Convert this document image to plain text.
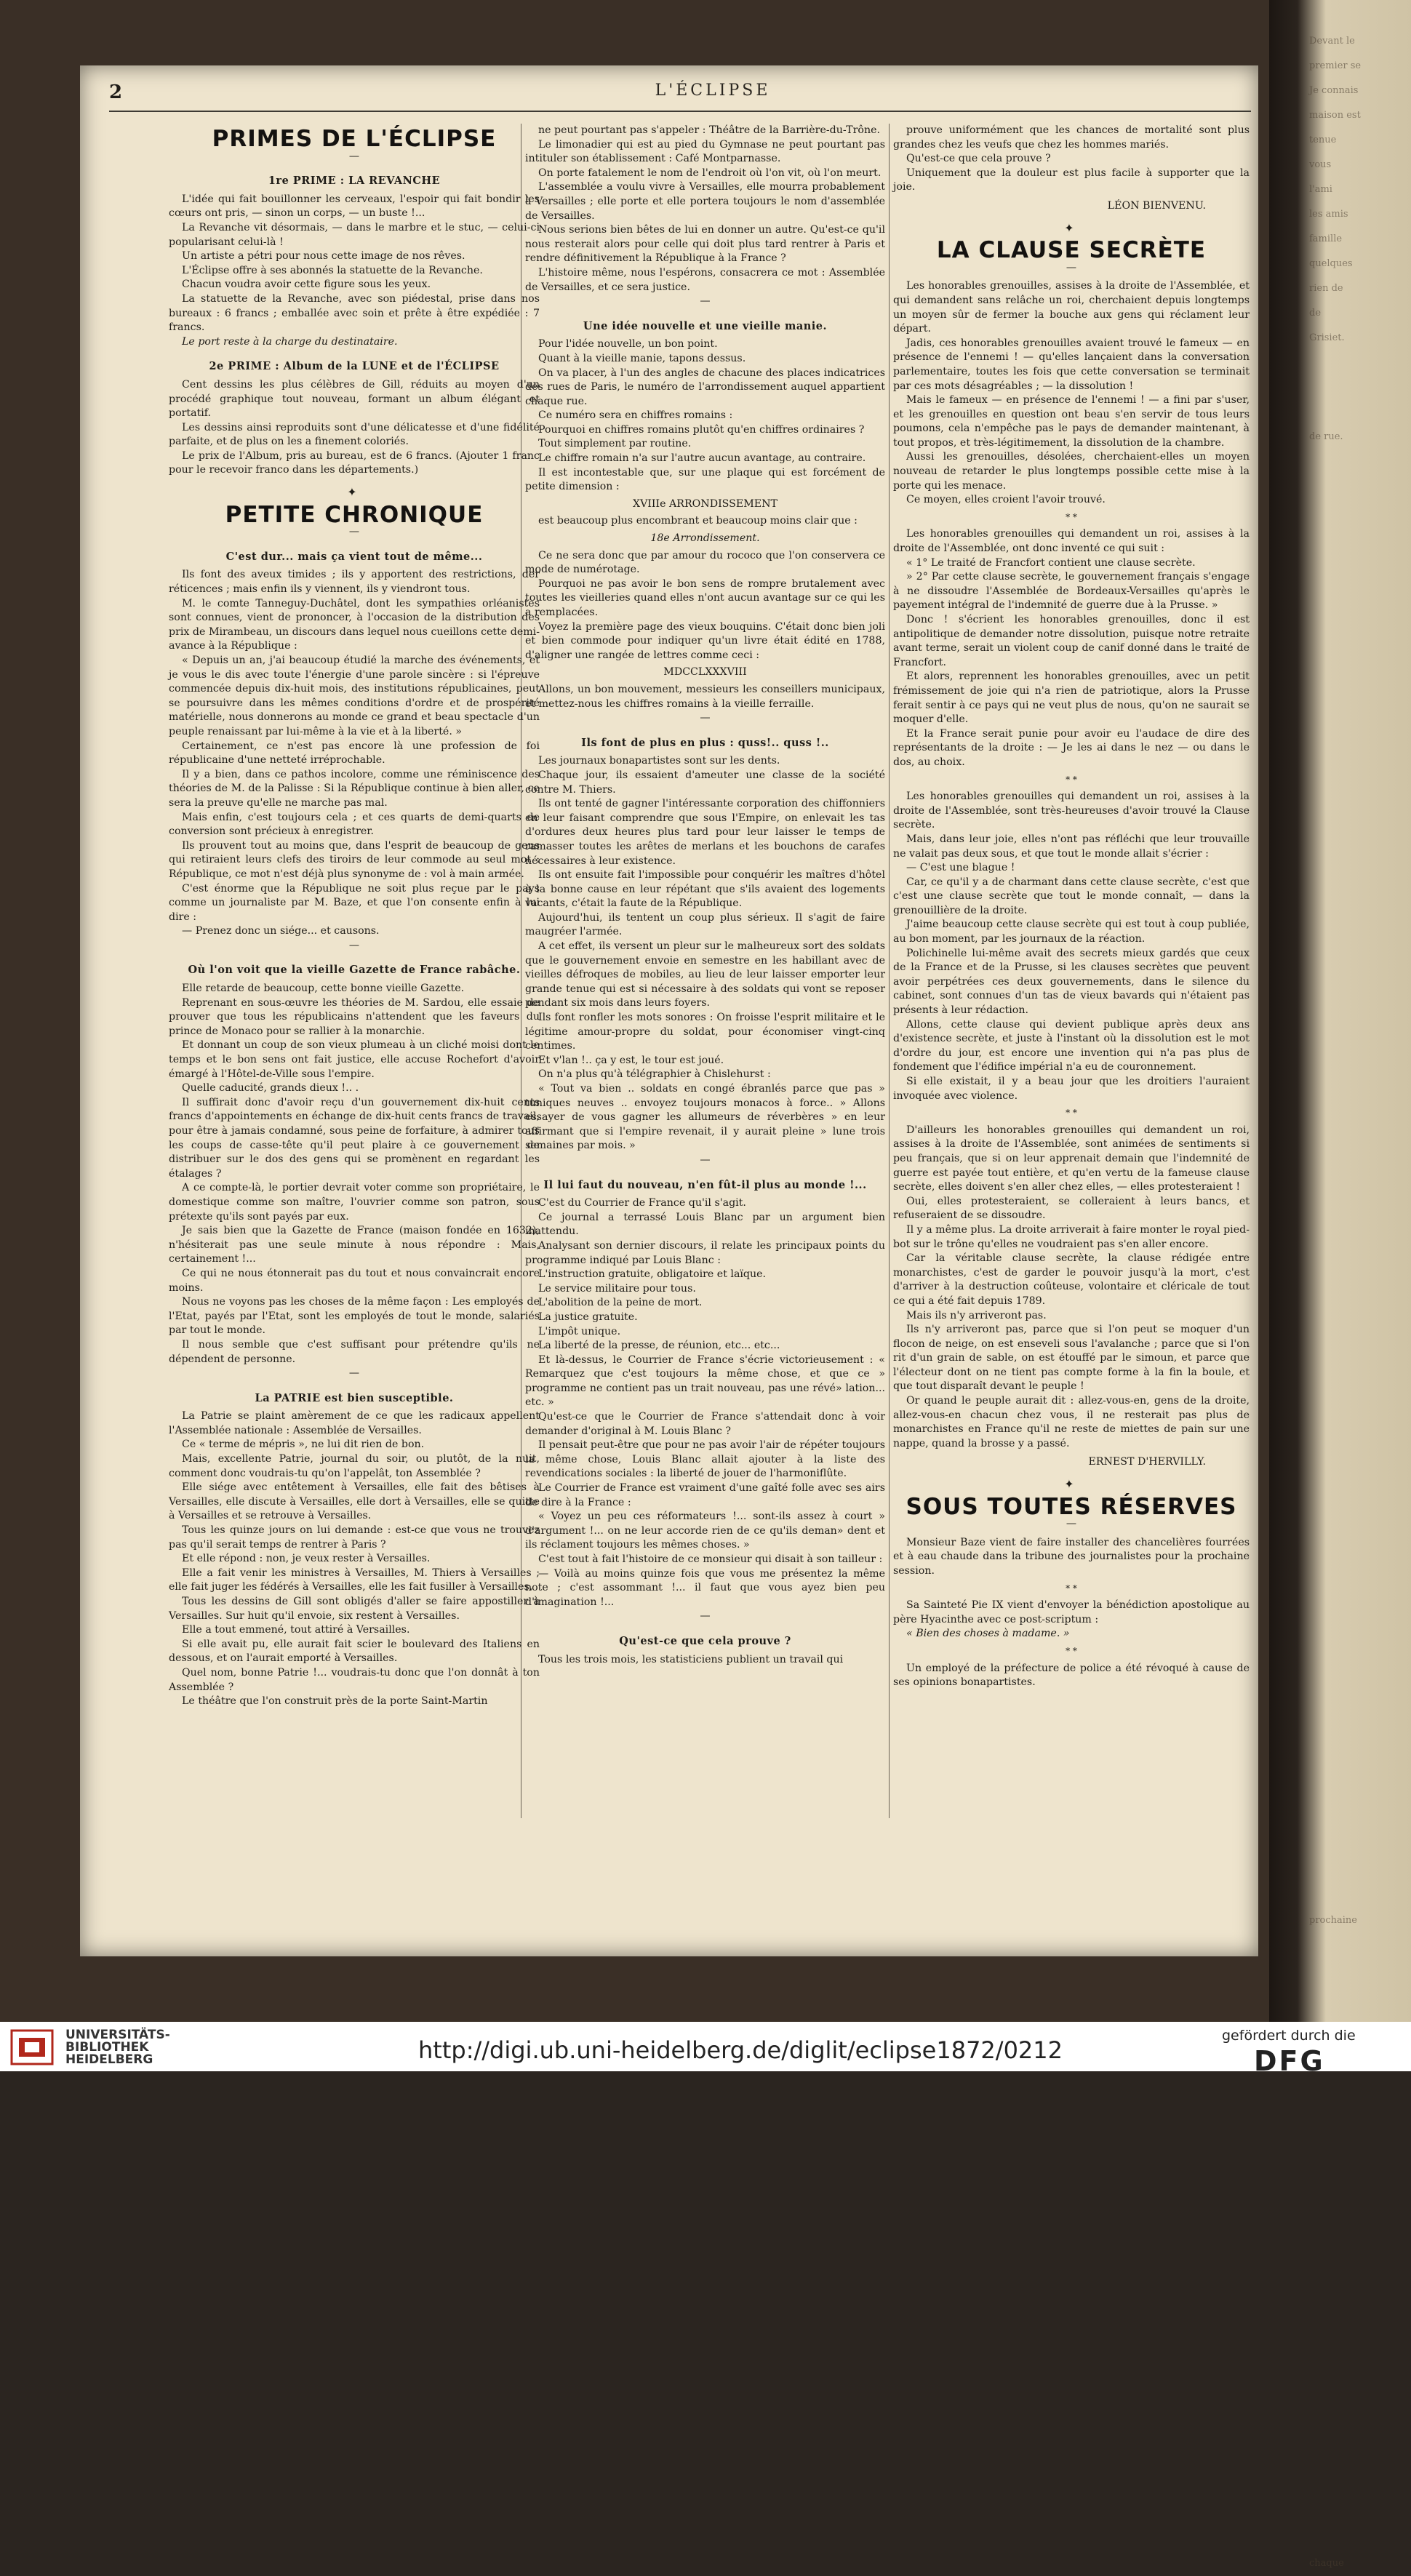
Devant le
premier se
Je connais
maison est
tenue
vous
l'ami
les amis
famille
quelques
rien de
de
Grisiet.

de rue.

prochaine

chaque
2	L'ÉCLIPSE
PRIMES DE L'ÉCLIPSE
—
1re PRIME : LA REVANCHE

L'idée qui fait bouillonner les cerveaux, l'espoir qui fait bondir les cœurs ont pris, — sinon un corps, — un buste !...

La Revanche vit désormais, — dans le marbre et le stuc, — celui-ci popularisant celui-là !

Un artiste a pétri pour nous cette image de nos rêves.

L'Éclipse offre à ses abonnés la statuette de la Revanche.

Chacun voudra avoir cette figure sous les yeux.

La statuette de la Revanche, avec son piédestal, prise dans nos bureaux : 6 francs ; emballée avec soin et prête à être expédiée : 7 francs.

Le port reste à la charge du destinataire.

2e PRIME : Album de la LUNE et de l'ÉCLIPSE

Cent dessins les plus célèbres de Gill, réduits au moyen d'un procédé graphique tout nouveau, formant un album élégant et portatif.

Les dessins ainsi reproduits sont d'une délicatesse et d'une fidélité parfaite, et de plus on les a finement coloriés.

Le prix de l'Album, pris au bureau, est de 6 francs. (Ajouter 1 franc pour le recevoir franco dans les départements.)

✦
PETITE CHRONIQUE
—
C'est dur... mais ça vient tout de même...

Ils font des aveux timides ; ils y apportent des restrictions, der réticences ; mais enfin ils y viennent, ils y viendront tous.

M. le comte Tanneguy-Duchâtel, dont les sympathies orléanistes sont connues, vient de prononcer, à l'occasion de la distribution des prix de Mirambeau, un discours dans lequel nous cueillons cette demi-avance à la République :

« Depuis un an, j'ai beaucoup étudié la marche des événements, et je vous le dis avec toute l'énergie d'une parole sincère : si l'épreuve commencée depuis dix-huit mois, des institutions républicaines, peut se poursuivre dans les mêmes conditions d'ordre et de prospérité matérielle, nous donnerons au monde ce grand et beau spectacle d'un peuple renaissant par lui-même à la vie et à la liberté. »

Certainement, ce n'est pas encore là une profession de foi républicaine d'une netteté irréprochable.

Il y a bien, dans ce pathos incolore, comme une réminiscence des théories de M. de la Palisse : Si la République continue à bien aller, ce sera la preuve qu'elle ne marche pas mal.

Mais enfin, c'est toujours cela ; et ces quarts de demi-quarts de conversion sont précieux à enregistrer.

Ils prouvent tout au moins que, dans l'esprit de beaucoup de gens qui retiraient leurs clefs des tiroirs de leur commode au seul mot : République, ce mot n'est déjà plus synonyme de : vol à main armée.

C'est énorme que la République ne soit plus reçue par le pays comme un journaliste par M. Baze, et que l'on consente enfin à lui dire :

— Prenez donc un siége... et causons.

—
Où l'on voit que la vieille Gazette de France rabâche.

Elle retarde de beaucoup, cette bonne vieille Gazette.

Reprenant en sous-œuvre les théories de M. Sardou, elle essaie de prouver que tous les républicains n'attendent que les faveurs du prince de Monaco pour se rallier à la monarchie.

Et donnant un coup de son vieux plumeau à un cliché moisi dont le temps et le bon sens ont fait justice, elle accuse Rochefort d'avoir émargé à l'Hôtel-de-Ville sous l'empire.

Quelle caducité, grands dieux !.. .

Il suffirait donc d'avoir reçu d'un gouvernement dix-huit cents francs d'appointements en échange de dix-huit cents francs de travail, pour être à jamais condamné, sous peine de forfaiture, à admirer tous les coups de casse-tête qu'il peut plaire à ce gouvernement de distribuer sur le dos des gens qui se promènent en regardant les étalages ?

A ce compte-là, le portier devrait voter comme son propriétaire, le domestique comme son maître, l'ouvrier comme son patron, sous prétexte qu'ils sont payés par eux.

Je sais bien que la Gazette de France (maison fondée en 1632), n'hésiterait pas une seule minute à nous répondre : Mais, certainement !...

Ce qui ne nous étonnerait pas du tout et nous convaincrait encore moins.

Nous ne voyons pas les choses de la même façon : Les employés de l'Etat, payés par l'Etat, sont les employés de tout le monde, salariés par tout le monde.

Il nous semble que c'est suffisant pour prétendre qu'ils ne dépendent de personne.

—
La PATRIE est bien susceptible.

La Patrie se plaint amèrement de ce que les radicaux appellent l'Assemblée nationale : Assemblée de Versailles.

Ce « terme de mépris », ne lui dit rien de bon.

Mais, excellente Patrie, journal du soir, ou plutôt, de la nuit, comment donc voudrais-tu qu'on l'appelât, ton Assemblée ?

Elle siége avec entêtement à Versailles, elle fait des bêtises à Versailles, elle discute à Versailles, elle dort à Versailles, elle se quitte à Versailles et se retrouve à Versailles.

Tous les quinze jours on lui demande : est-ce que vous ne trouvez pas qu'il serait temps de rentrer à Paris ?

Et elle répond : non, je veux rester à Versailles.

Elle a fait venir les ministres à Versailles, M. Thiers à Versailles ; elle fait juger les fédérés à Versailles, elle les fait fusiller à Versailles.

Tous les dessins de Gill sont obligés d'aller se faire appostiller à Versailles. Sur huit qu'il envoie, six restent à Versailles.

Elle a tout emmené, tout attiré à Versailles.

Si elle avait pu, elle aurait fait scier le boulevard des Italiens en dessous, et on l'aurait emporté à Versailles.

Quel nom, bonne Patrie !... voudrais-tu donc que l'on donnât à ton Assemblée ?

Le théâtre que l'on construit près de la porte Saint-Martin

ne peut pourtant pas s'appeler : Théâtre de la Barrière-du-Trône.

Le limonadier qui est au pied du Gymnase ne peut pourtant pas intituler son établissement : Café Montparnasse.

On porte fatalement le nom de l'endroit où l'on vit, où l'on meurt.

L'assemblée a voulu vivre à Versailles, elle mourra probablement à Versailles ; elle porte et elle portera toujours le nom d'assemblée de Versailles.

Nous serions bien bêtes de lui en donner un autre. Qu'est-ce qu'il nous resterait alors pour celle qui doit plus tard rentrer à Paris et rendre définitivement la République à la France ?

L'histoire même, nous l'espérons, consacrera ce mot : Assemblée de Versailles, et ce sera justice.

—
Une idée nouvelle et une vieille manie.

Pour l'idée nouvelle, un bon point.

Quant à la vieille manie, tapons dessus.

On va placer, à l'un des angles de chacune des places indicatrices des rues de Paris, le numéro de l'arrondissement auquel appartient chaque rue.

Ce numéro sera en chiffres romains :

Pourquoi en chiffres romains plutôt qu'en chiffres ordinaires ?

Tout simplement par routine.

Le chiffre romain n'a sur l'autre aucun avantage, au contraire.

Il est incontestable que, sur une plaque qui est forcément de petite dimension :

XVIIIe ARRONDISSEMENT

est beaucoup plus encombrant et beaucoup moins clair que :

18e Arrondissement.

Ce ne sera donc que par amour du rococo que l'on conservera ce mode de numérotage.

Pourquoi ne pas avoir le bon sens de rompre brutalement avec toutes les vieilleries quand elles n'ont aucun avantage sur ce qui les a remplacées.

Voyez la première page des vieux bouquins. C'était donc bien joli et bien commode pour indiquer qu'un livre était édité en 1788, d'aligner une rangée de lettres comme ceci :

MDCCLXXXVIII

Allons, un bon mouvement, messieurs les conseillers municipaux, et mettez-nous les chiffres romains à la vieille ferraille.

—
Ils font de plus en plus : quss!.. quss !..

Les journaux bonapartistes sont sur les dents.

Chaque jour, ils essaient d'ameuter une classe de la société contre M. Thiers.

Ils ont tenté de gagner l'intéressante corporation des chiffonniers en leur faisant comprendre que sous l'Empire, on enlevait les tas d'ordures deux heures plus tard pour leur laisser le temps de ramasser toutes les arêtes de merlans et les bouchons de carafes nécessaires à leur existence.

Ils ont ensuite fait l'impossible pour conquérir les maîtres d'hôtel à la bonne cause en leur répétant que s'ils avaient des logements vacants, c'était la faute de la République.

Aujourd'hui, ils tentent un coup plus sérieux. Il s'agit de faire maugréer l'armée.

A cet effet, ils versent un pleur sur le malheureux sort des soldats que le gouvernement envoie en semestre en les habillant avec de vieilles défroques de mobiles, au lieu de leur laisser emporter leur grande tenue qui est si nécessaire à des soldats qui vont se reposer pendant six mois dans leurs foyers.

Ils font ronfler les mots sonores : On froisse l'esprit militaire et le légitime amour-propre du soldat, pour économiser vingt-cinq centimes.

Et v'lan !.. ça y est, le tour est joué.

On n'a plus qu'à télégraphier à Chislehurst :

« Tout va bien .. soldats en congé ébranlés parce que pas » tuniques neuves .. envoyez toujours monacos à force.. » Allons essayer de vous gagner les allumeurs de réverbères » en leur affirmant que si l'empire revenait, il y aurait pleine » lune trois semaines par mois. »

—
Il lui faut du nouveau, n'en fût-il plus au monde !...

C'est du Courrier de France qu'il s'agit.

Ce journal a terrassé Louis Blanc par un argument bien inattendu.

Analysant son dernier discours, il relate les principaux points du programme indiqué par Louis Blanc :

L'instruction gratuite, obligatoire et laïque.

Le service militaire pour tous.

L'abolition de la peine de mort.

La justice gratuite.

L'impôt unique.

La liberté de la presse, de réunion, etc... etc...

Et là-dessus, le Courrier de France s'écrie victorieusement : « Remarquez que c'est toujours la même chose, et que ce » programme ne contient pas un trait nouveau, pas une révé» lation... etc. »

Qu'est-ce que le Courrier de France s'attendait donc à voir demander d'original à M. Louis Blanc ?

Il pensait peut-être que pour ne pas avoir l'air de répéter toujours la même chose, Louis Blanc allait ajouter à la liste des revendications sociales : la liberté de jouer de l'harmoniflûte.

Le Courrier de France est vraiment d'une gaîté folle avec ses airs de dire à la France :

« Voyez un peu ces réformateurs !... sont-ils assez à court » d'argument !... on ne leur accorde rien de ce qu'ils deman» dent et ils réclament toujours les mêmes choses. »

C'est tout à fait l'histoire de ce monsieur qui disait à son tailleur :

— Voilà au moins quinze fois que vous me présentez la même note ; c'est assommant !... il faut que vous ayez bien peu d'imagination !...

—
Qu'est-ce que cela prouve ?

Tous les trois mois, les statisticiens publient un travail qui

prouve uniformément que les chances de mortalité sont plus grandes chez les veufs que chez les hommes mariés.

Qu'est-ce que cela prouve ?

Uniquement que la douleur est plus facile à supporter que la joie.

LÉON BIENVENU.
✦
LA CLAUSE SECRÈTE
—

Les honorables grenouilles, assises à la droite de l'Assemblée, et qui demandent sans relâche un roi, cherchaient depuis longtemps un moyen sûr de fermer la bouche aux gens qui réclament leur départ.

Jadis, ces honorables grenouilles avaient trouvé le fameux — en présence de l'ennemi ! — qu'elles lançaient dans la conversation parlementaire, toutes les fois que cette conversation se terminait par ces mots désagréables ; — la dissolution !

Mais le fameux — en présence de l'ennemi ! — a fini par s'user, et les grenouilles en question ont beau s'en servir de tous leurs poumons, cela n'empêche pas le pays de demander maintenant, à tout propos, et très-légitimement, la dissolution de la chambre.

Aussi les grenouilles, désolées, cherchaient-elles un moyen nouveau de retarder le plus longtemps possible cette mise à la porte qui les menace.

Ce moyen, elles croient l'avoir trouvé.

* *

Les honorables grenouilles qui demandent un roi, assises à la droite de l'Assemblée, ont donc inventé ce qui suit :

« 1° Le traité de Francfort contient une clause secrète.

» 2° Par cette clause secrète, le gouvernement français s'engage à ne dissoudre l'Assemblée de Bordeaux-Versailles qu'après le payement intégral de l'indemnité de guerre due à la Prusse. »

Donc ! s'écrient les honorables grenouilles, donc il est antipolitique de demander notre dissolution, puisque notre retraite avant terme, serait un violent coup de canif donné dans le traité de Francfort.

Et alors, reprennent les honorables grenouilles, avec un petit frémissement de joie qui n'a rien de patriotique, alors la Prusse ferait sentir à ce pays qui ne veut plus de nous, qu'on ne saurait se moquer d'elle.

Et la France serait punie pour avoir eu l'audace de dire des représentants de la droite : — Je les ai dans le nez — ou dans le dos, au choix.

* *

Les honorables grenouilles qui demandent un roi, assises à la droite de l'Assemblée, sont très-heureuses d'avoir trouvé la Clause secrète.

Mais, dans leur joie, elles n'ont pas réfléchi que leur trouvaille ne valait pas deux sous, et que tout le monde allait s'écrier :

— C'est une blague !

Car, ce qu'il y a de charmant dans cette clause secrète, c'est que c'est une clause secrète que tout le monde connaît, — dans la grenouillière de la droite.

J'aime beaucoup cette clause secrète qui est tout à coup publiée, au bon moment, par les journaux de la réaction.

Polichinelle lui-même avait des secrets mieux gardés que ceux de la France et de la Prusse, si les clauses secrètes que peuvent avoir perpétrées ces deux gouvernements, dans le silence du cabinet, sont connues d'un tas de vieux bavards qui n'étaient pas présents à leur rédaction.

Allons, cette clause qui devient publique après deux ans d'existence secrète, et juste à l'instant où la dissolution est le mot d'ordre du jour, est encore une invention qui n'a pas plus de fondement que l'édifice impérial n'a eu de couronnement.

Si elle existait, il y a beau jour que les droitiers l'auraient invoquée avec violence.

* *

D'ailleurs les honorables grenouilles qui demandent un roi, assises à la droite de l'Assemblée, sont animées de sentiments si peu français, que si on leur apprenait demain que l'indemnité de guerre est payée tout entière, et qu'en vertu de la fameuse clause secrète, elles doivent s'en aller chez elles, — elles protesteraient !

Oui, elles protesteraient, se colleraient à leurs bancs, et refuseraient de se dissoudre.

Il y a même plus. La droite arriverait à faire monter le royal pied-bot sur le trône qu'elles ne voudraient pas s'en aller encore.

Car la véritable clause secrète, la clause rédigée entre monarchistes, c'est de garder le pouvoir jusqu'à la mort, c'est d'arriver à la destruction coûteuse, volontaire et cléricale de tout ce qui a été fait depuis 1789.

Mais ils n'y arriveront pas.

Ils n'y arriveront pas, parce que si l'on peut se moquer d'un flocon de neige, on est enseveli sous l'avalanche ; parce que si l'on rit d'un grain de sable, on est étouffé par le simoun, et parce que l'électeur dont on ne tient pas compte forme à la fin la boule, et que tout disparaît devant le peuple !

Or quand le peuple aurait dit : allez-vous-en, gens de la droite, allez-vous-en chacun chez vous, il ne resterait pas plus de monarchistes en France qu'il ne reste de miettes de pain sur une nappe, quand la brosse y a passé.

ERNEST D'HERVILLY.
✦
SOUS TOUTES RÉSERVES
—

Monsieur Baze vient de faire installer des chancelières fourrées et à eau chaude dans la tribune des journalistes pour la prochaine session.

* *

Sa Sainteté Pie IX vient d'envoyer la bénédiction apostolique au père Hyacinthe avec ce post-scriptum :

« Bien des choses à madame. »

* *

Un employé de la préfecture de police a été révoqué à cause de ses opinions bonapartistes.

UNIVERSITÄTS-
BIBLIOTHEK
HEIDELBERG	http://digi.ub.uni-heidelberg.de/diglit/eclipse1872/0212
gefördert durch die
DFG
